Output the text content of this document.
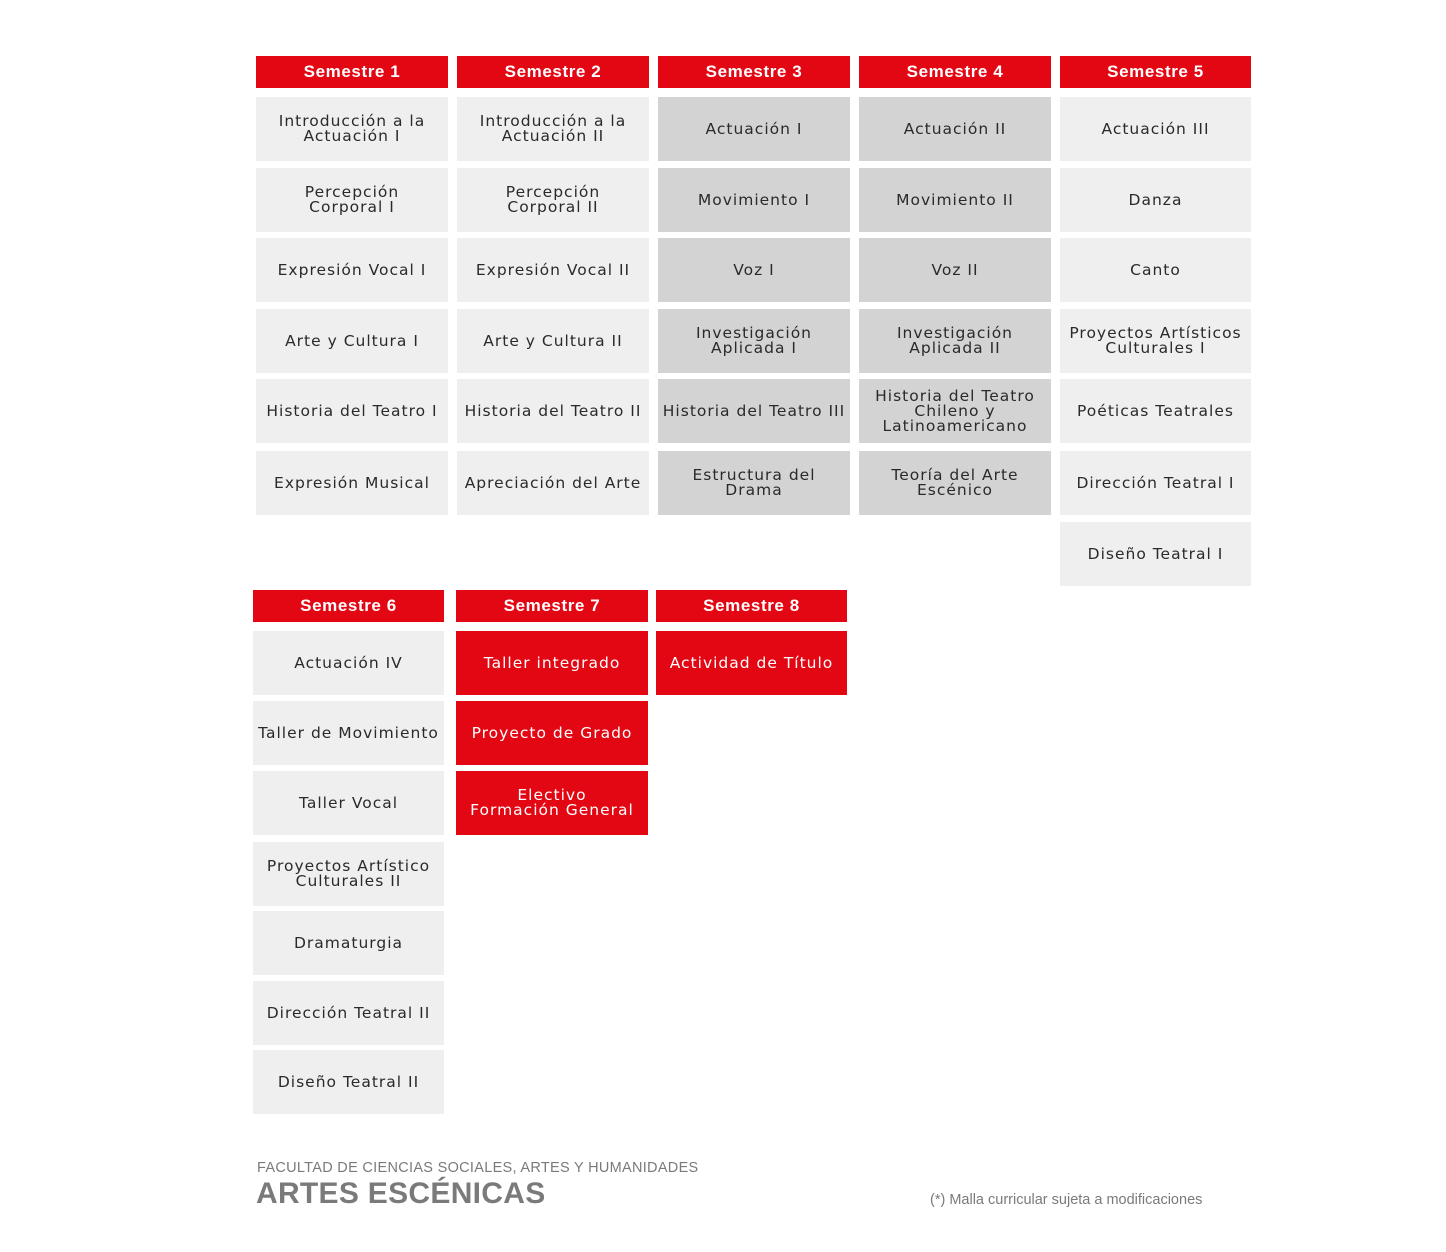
Semestre 1
Introducción a la
Actuación I
Percepción
Corporal I
Expresión Vocal I
Arte y Cultura I
Historia del Teatro I
Expresión Musical
Semestre 2
Introducción a la
Actuación II
Percepción
Corporal II
Expresión Vocal II
Arte y Cultura II
Historia del Teatro II
Apreciación del Arte
Semestre 3
Actuación I
Movimiento I
Voz I
Investigación
Aplicada I
Historia del Teatro III
Estructura del Drama
Semestre 4
Actuación II
Movimiento II
Voz II
Investigación
Aplicada II
Historia del Teatro
Chileno y
Latinoamericano
Teoría del Arte
Escénico
Semestre 5
Actuación III
Danza
Canto
Proyectos Artísticos
Culturales I
Poéticas Teatrales
Dirección Teatral I
Diseño Teatral I
Semestre 6
Actuación IV
Taller de Movimiento
Taller Vocal
Proyectos Artístico
Culturales II
Dramaturgia
Dirección Teatral II
Diseño Teatral II
Semestre 7
Taller integrado
Proyecto de Grado
Electivo
Formación General
Semestre 8
Actividad de Título
FACULTAD DE CIENCIAS SOCIALES, ARTES Y HUMANIDADES
ARTES ESCÉNICAS	(*) Malla curricular sujeta a modificaciones
